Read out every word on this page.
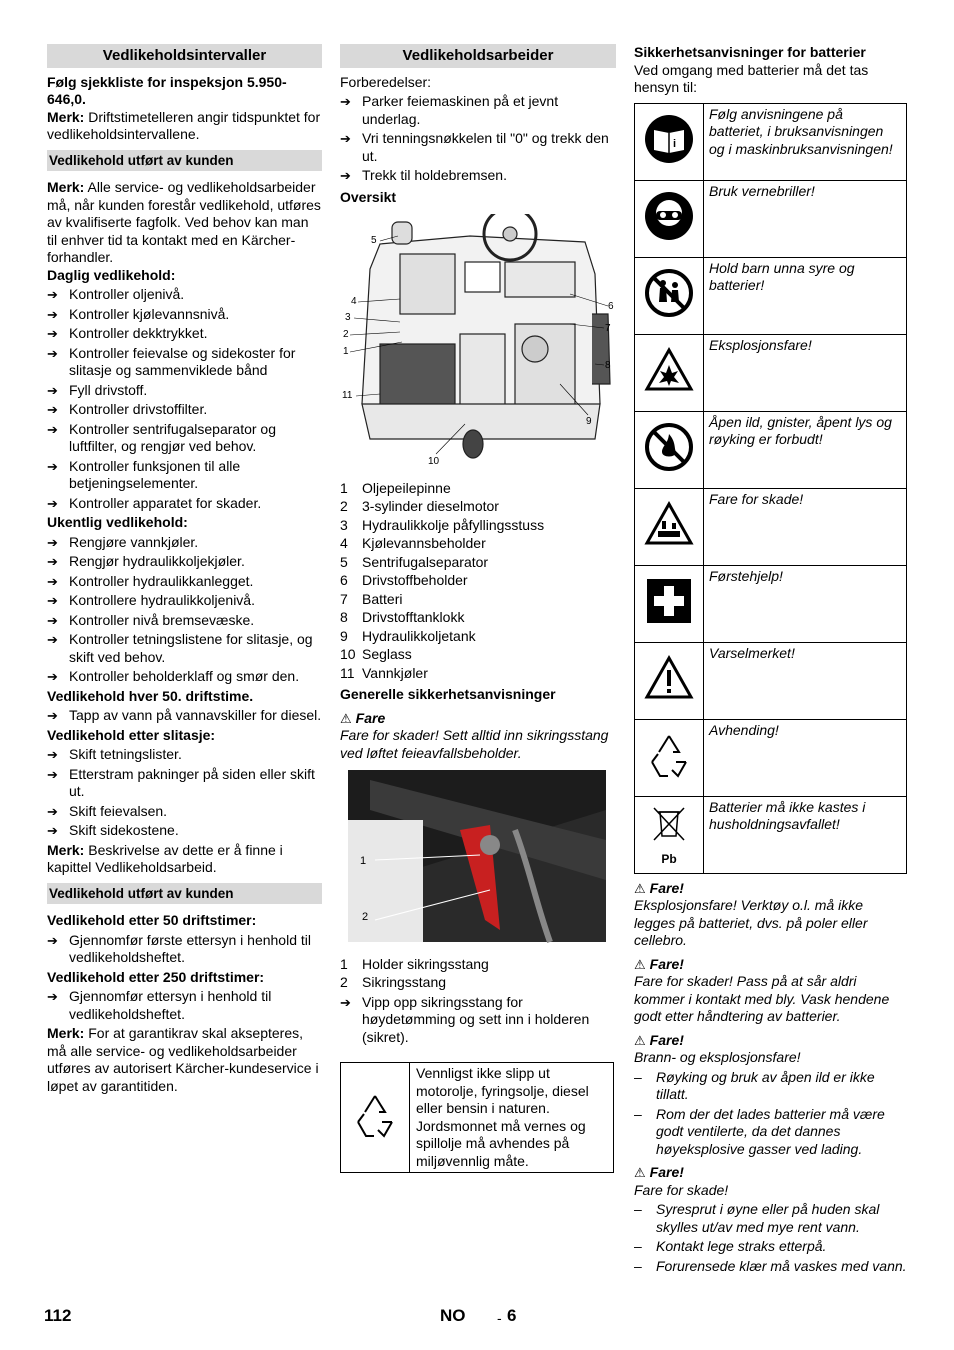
Vedlikeholdsintervaller

Følg sjekkliste for inspeksjon 5.950-646,0.

Merk: Driftstimetelleren angir tidspunktet for vedlikeholdsintervallene.

Vedlikehold utført av kunden

Merk: Alle service- og vedlikeholdsarbeider må, når kunden forestår vedlikehold, utføres av kvalifiserte fagfolk. Ved behov kan man til enhver tid ta kontakt med en Kärcher-forhandler.

Daglig vedlikehold:

➔ Kontroller oljenivå.
➔ Kontroller kjølevannsnivå.
➔ Kontroller dekktrykket.
➔ Kontroller feievalse og sidekoster for slitasje og sammenviklede bånd
➔ Fyll drivstoff.
➔ Kontroller drivstoffilter.
➔ Kontroller sentrifugalseparator og luftfilter, og rengjør ved behov.
➔ Kontroller funksjonen til alle betjeningselementer.
➔ Kontroller apparatet for skader.

Ukentlig vedlikehold:

➔ Rengjøre vannkjøler.
➔ Rengjør hydraulikkoljekjøler.
➔ Kontroller hydraulikkanlegget.
➔ Kontrollere hydraulikkoljenivå.
➔ Kontroller nivå bremsevæske.
➔ Kontroller tetningslistene for slitasje, og skift ved behov.
➔ Kontroller beholderklaff og smør den.

Vedlikehold hver 50. driftstime.

➔ Tapp av vann på vannavskiller for diesel.

Vedlikehold etter slitasje:

➔ Skift tetningslister.
➔ Etterstram pakninger på siden eller skift ut.
➔ Skift feievalsen.
➔ Skift sidekostene.

Merk: Beskrivelse av dette er å finne i kapittel Vedlikeholdsarbeid.

Vedlikehold utført av kunden

Vedlikehold etter 50 driftstimer:

➔ Gjennomfør første ettersyn i henhold til vedlikeholdsheftet.

Vedlikehold etter 250 driftstimer:

➔ Gjennomfør ettersyn i henhold til vedlikeholdsheftet.

Merk: For at garantikrav skal aksepteres, må alle service- og vedlikeholdsarbeider utføres av autorisert Kärcher-kundeservice i løpet av garantitiden.

Vedlikeholdsarbeider

Forberedelser:

➔ Parker feiemaskinen på et jevnt underlag.
➔ Vri tenningsnøkkelen til "0" og trekk den ut.
➔ Trekk til holdebremsen.

Oversikt

5
4
3
2
1
11
6
7
8
9
10
1 Oljepeilepinne
2 3-sylinder dieselmotor
3 Hydraulikkolje påfyllingsstuss
4 Kjølevannsbeholder
5 Sentrifugalseparator
6 Drivstoffbeholder
7 Batteri
8 Drivstofftanklokk
9 Hydraulikkoljetank
10 Seglass
11 Vannkjøler

Generelle sikkerhetsanvisninger

⚠ Fare

Fare for skader! Sett alltid inn sikringsstang ved løftet feieavfallsbeholder.

1
2
1 Holder sikringsstang
2 Sikringsstang
➔ Vipp opp sikringsstang for høydetømming og sett inn i holderen (sikret).
	Vennligst ikke slipp ut motorolje, fyringsolje, diesel eller bensin i naturen. Jordsmonnet må vernes og spillolje må avhendes på miljøvennlig måte.

Sikkerhetsanvisninger for batterier

Ved omgang med batterier må det tas hensyn til:

i	Følg anvisningene på batteriet, i bruksanvisningen og i maskinbruksanvisningen!
	Bruk vernebriller!
	Hold barn unna syre og batterier!
	Eksplosjonsfare!
	Åpen ild, gnister, åpent lys og røyking er forbudt!
	Fare for skade!
	Førstehjelp!
	Varselmerket!
	Avhending!

Pb	Batterier må ikke kastes i husholdningsavfallet!

⚠ Fare!

Eksplosjonsfare! Verktøy o.l. må ikke legges på batteriet, dvs. på poler eller cellebro.

⚠ Fare!

Fare for skader! Pass på at sår aldri kommer i kontakt med bly. Vask hendene godt etter håndtering av batterier.

⚠ Fare!

Brann- og eksplosjonsfare!

– Røyking og bruk av åpen ild er ikke tillatt.
– Rom der det lades batterier må være godt ventilerte, da det dannes høyeksplosive gasser ved lading.

⚠ Fare!

Fare for skade!

– Syresprut i øyne eller på huden skal skylles ut/av med mye rent vann.
– Kontakt lege straks etterpå.
– Forurensede klær må vaskes med vann.
112	NO - 6
